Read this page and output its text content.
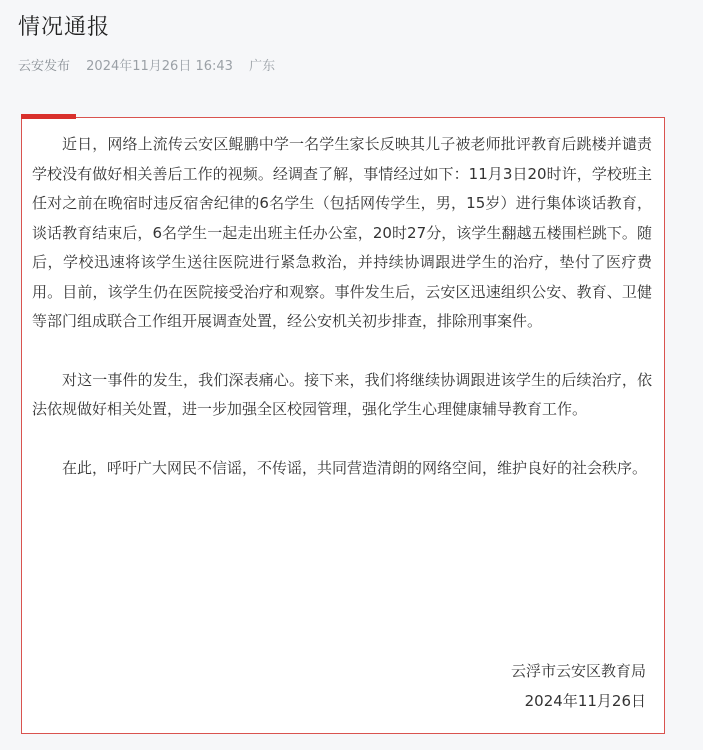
情况通报
云安发布 2024年11月26日 16:43 广东

近日，网络上流传云安区鲲鹏中学一名学生家长反映其儿子被老师批评教育后跳楼并谴责学校没有做好相关善后工作的视频。经调查了解，事情经过如下：11月3日20时许，学校班主任对之前在晚宿时违反宿舍纪律的6名学生（包括网传学生，男，15岁）进行集体谈话教育，谈话教育结束后，6名学生一起走出班主任办公室，20时27分，该学生翻越五楼围栏跳下。随后，学校迅速将该学生送往医院进行紧急救治，并持续协调跟进学生的治疗，垫付了医疗费用。目前，该学生仍在医院接受治疗和观察。事件发生后，云安区迅速组织公安、教育、卫健等部门组成联合工作组开展调查处置，经公安机关初步排查，排除刑事案件。

对这一事件的发生，我们深表痛心。接下来，我们将继续协调跟进该学生的后续治疗，依法依规做好相关处置，进一步加强全区校园管理，强化学生心理健康辅导教育工作。

在此，呼吁广大网民不信谣，不传谣，共同营造清朗的网络空间，维护良好的社会秩序。

云浮市云安区教育局
2024年11月26日
